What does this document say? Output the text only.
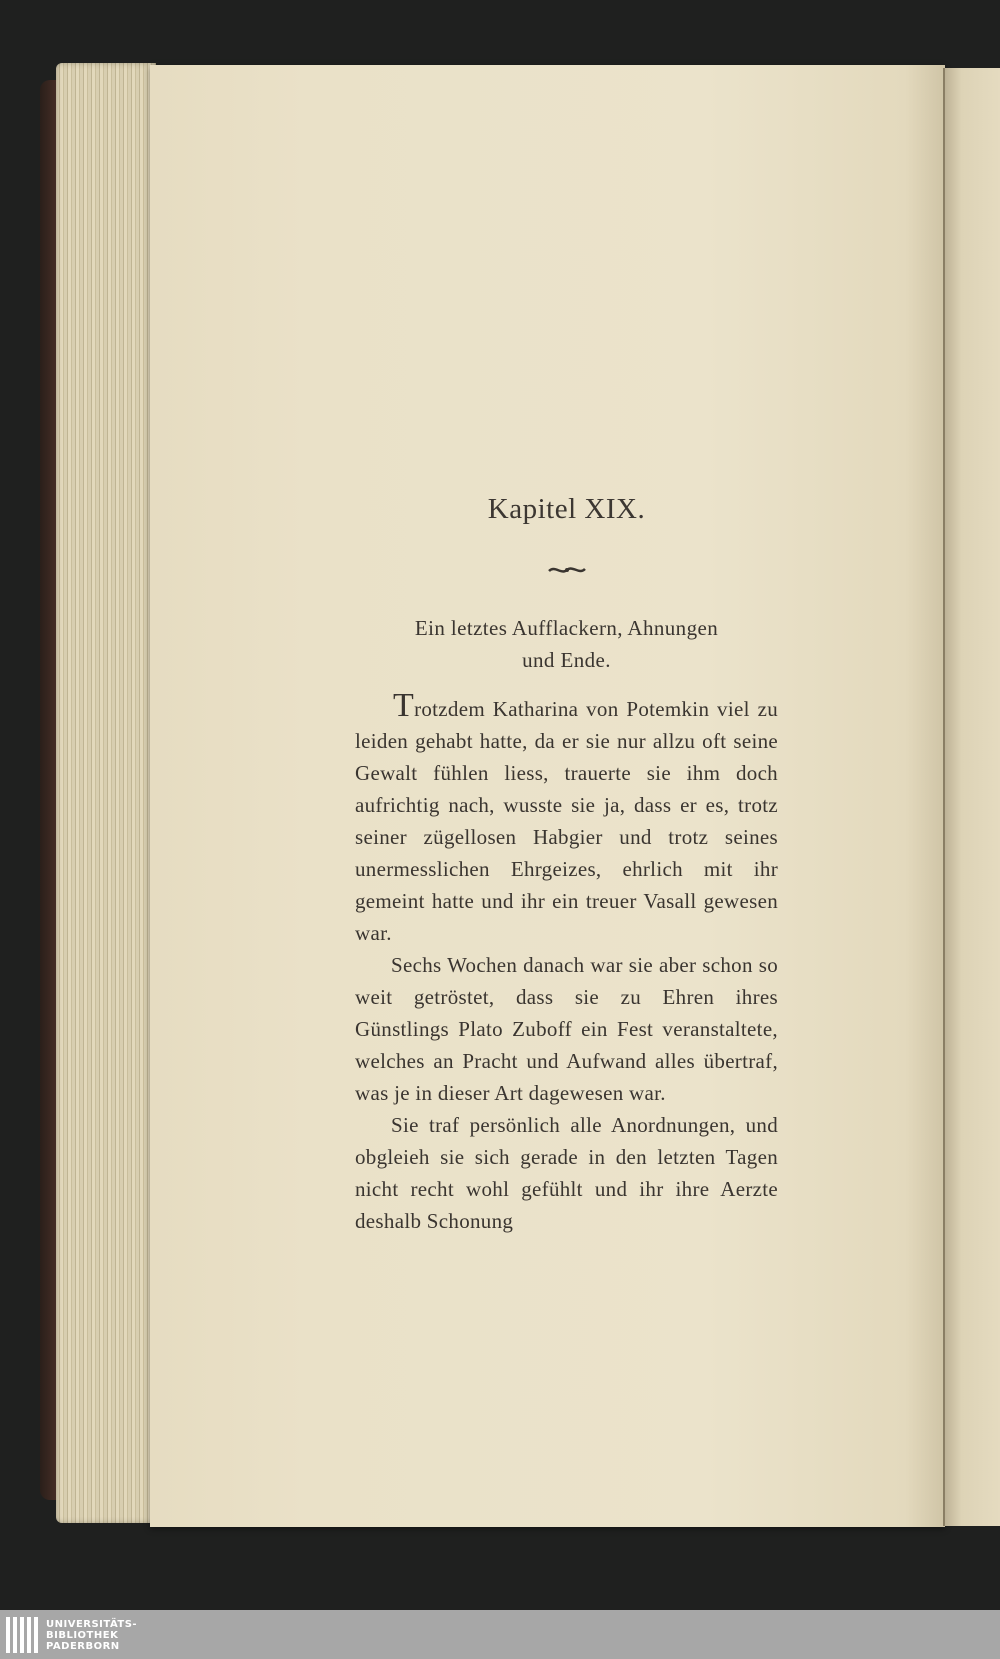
Kapitel XIX.
Ein letztes Aufflackern, Ahnungen
und Ende.

Trotzdem Katharina von Potemkin viel zu leiden gehabt hatte, da er sie nur allzu oft seine Gewalt fühlen liess, trauerte sie ihm doch aufrichtig nach, wusste sie ja, dass er es, trotz seiner zügellosen Habgier und trotz seines unermesslichen Ehrgeizes, ehrlich mit ihr gemeint hatte und ihr ein treuer Vasall gewesen war.

Sechs Wochen danach war sie aber schon so weit getröstet, dass sie zu Ehren ihres Günstlings Plato Zuboff ein Fest veranstaltete, welches an Pracht und Aufwand alles übertraf, was je in dieser Art dagewesen war.

Sie traf persönlich alle Anordnungen, und obgleieh sie sich gerade in den letzten Tagen nicht recht wohl gefühlt und ihr ihre Aerzte deshalb Schonung

UNIVERSITÄTS-
BIBLIOTHEK
PADERBORN
